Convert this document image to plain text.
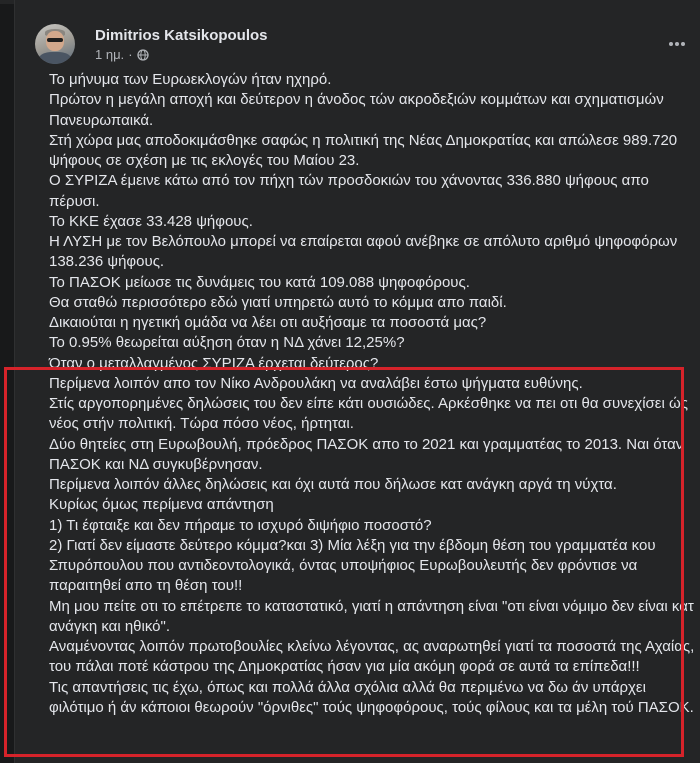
Dimitrios Katsikopoulos
1 ημ. ·

Το μήνυμα των Ευρωεκλογών ήταν ηχηρό.

Πρώτον η μεγάλη αποχή και δεύτερον η άνοδος τών ακροδεξιών κομμάτων και σχηματισμών Πανευρωπαικά.

Στή χώρα μας αποδοκιμάσθηκε σαφώς η πολιτική της Νέας Δημοκρατίας και απώλεσε 989.720 ψήφους σε σχέση με τις εκλογές του Μαίου 23.

Ο ΣΥΡΙΖΑ έμεινε κάτω από τον πήχη τών προσδοκιών του χάνοντας 336.880 ψήφους απο πέρυσι.

Το ΚΚΕ έχασε 33.428 ψήφους.

Η ΛΥΣΗ με τον Βελόπουλο μπορεί να επαίρεται αφού ανέβηκε σε απόλυτο αριθμό ψηφοφόρων 138.236 ψήφους.

Το ΠΑΣΟΚ μείωσε τις δυνάμεις του κατά 109.088 ψηφοφόρους.

Θα σταθώ περισσότερο εδώ γιατί υπηρετώ αυτό το κόμμα απο παιδί.

Δικαιούται η ηγετική ομάδα να λέει οτι αυξήσαμε τα ποσοστά μας?

Το 0.95% θεωρείται αύξηση όταν η ΝΔ χάνει 12,25%?

Όταν ο μεταλλαγμένος ΣΥΡΙΖΑ έρχεται δεύτερος?

Περίμενα λοιπόν απο τον Νίκο Ανδρουλάκη να αναλάβει έστω ψήγματα ευθύνης.

Στίς αργοπορημένες δηλώσεις του δεν είπε κάτι ουσιώδες. Αρκέσθηκε να πει οτι θα συνεχίσει ώς νέος στήν πολιτική. Τώρα πόσο νέος, ήρτηται.

Δύο θητείες στη Ευρωβουλή, πρόεδρος ΠΑΣΟΚ απο το 2021 και γραμματέας το 2013. Ναι όταν ΠΑΣΟΚ και ΝΔ συγκυβέρνησαν.

Περίμενα λοιπόν άλλες δηλώσεις και όχι αυτά που δήλωσε κατ ανάγκη αργά τη νύχτα.

Κυρίως όμως περίμενα απάντηση

1) Τι έφταιξε και δεν πήραμε το ισχυρό διψήφιο ποσοστό?

2) Γιατί δεν είμαστε δεύτερο κόμμα?και 3) Μία λέξη για την έβδομη θέση του γραμματέα κου Σπυρόπουλου που αντιδεοντολογικά, όντας υποψήφιος Ευρωβουλευτής δεν φρόντισε να παραιτηθεί απο τη θέση του!!

Μη μου πείτε οτι το επέτρεπε το καταστατικό, γιατί η απάντηση είναι "οτι είναι νόμιμο δεν είναι κατ ανάγκη και ηθικό".

Αναμένοντας λοιπόν πρωτοβουλίες κλείνω λέγοντας, ας αναρωτηθεί γιατί τα ποσοστά της Αχαίας, του πάλαι ποτέ κάστρου της Δημοκρατίας ήσαν για μία ακόμη φορά σε αυτά τα επίπεδα!!!

Τις απαντήσεις τις έχω, όπως και πολλά άλλα σχόλια αλλά θα περιμένω να δω άν υπάρχει φιλότιμο ή άν κάποιοι θεωρούν "όρνιθες" τούς ψηφοφόρους, τούς φίλους και τα μέλη τού ΠΑΣΟΚ.
